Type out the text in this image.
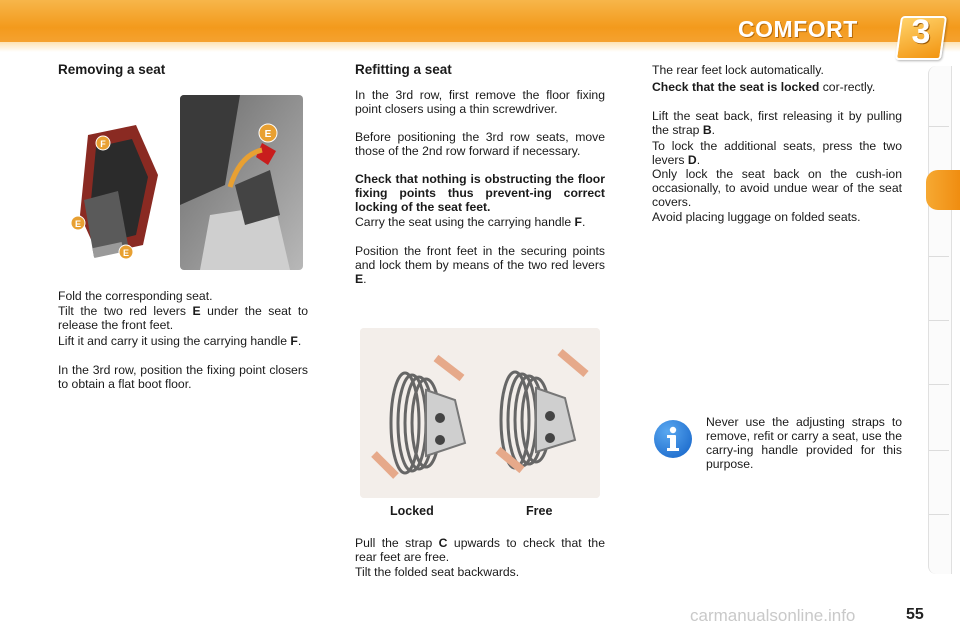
COMFORT 3
Removing a seat
F
E
E
E

Fold the corresponding seat.

Tilt the two red levers E under the seat to release the front feet.

Lift it and carry it using the carrying handle F.

In the 3rd row, position the fixing point closers to obtain a flat boot floor.

Refitting a seat

In the 3rd row, first remove the floor fixing point closers using a thin screwdriver.

Before positioning the 3rd row seats, move those of the 2nd row forward if necessary.

Check that nothing is obstructing the floor fixing points thus prevent-ing correct locking of the seat feet.

Carry the seat using the carrying handle F.

Position the front feet in the securing points and lock them by means of the two red levers E.

Locked	Free

Pull the strap C upwards to check that the rear feet are free.

Tilt the folded seat backwards.

The rear feet lock automatically.

Check that the seat is locked cor-rectly.

Lift the seat back, first releasing it by pulling the strap B.

To lock the additional seats, press the two levers D.

Only lock the seat back on the cush-ion occasionally, to avoid undue wear of the seat covers.

Avoid placing luggage on folded seats.

Never use the adjusting straps to remove, refit or carry a seat, use the carry-ing handle provided for this purpose.

carmanualsonline.info	55
